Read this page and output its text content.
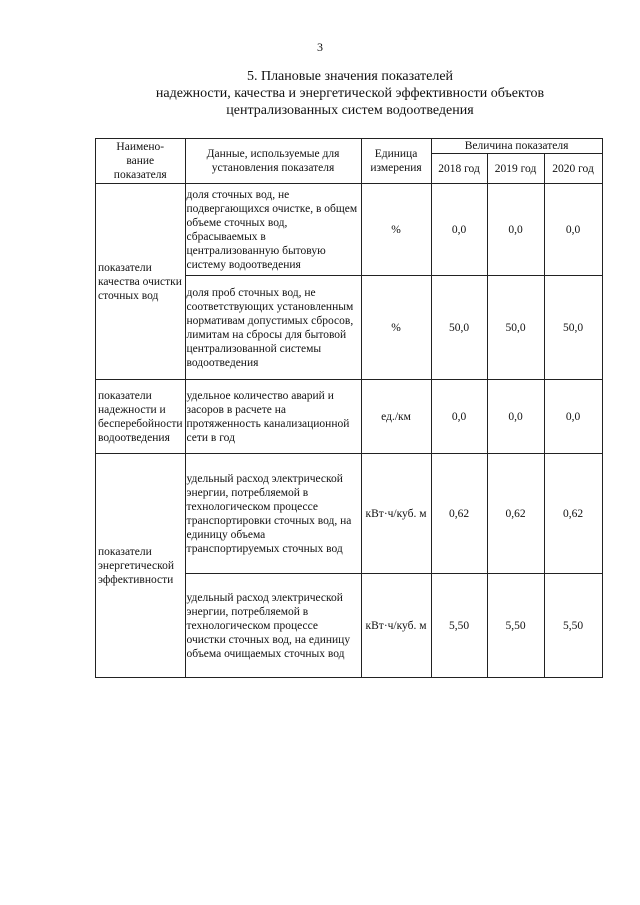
3
5. Плановые значения показателей
надежности, качества и энергетической эффективности объектов
централизованных систем водоотведения
Наимено-
вание
показателя	Данные, используемые для установления показателя	Единица измерения	Величина показателя		
			2018 год	2019 год	2020 год
показатели качества очистки сточных вод	доля сточных вод, не подвергающихся очистке, в общем объеме сточных вод, сбрасываемых в централизованную бытовую систему водоотведения	%	0,0	0,0	0,0
	доля проб сточных вод, не соответствующих установленным нормативам допустимых сбросов, лимитам на сбросы для бытовой централизованной системы водоотведения	%	50,0	50,0	50,0
показатели надежности и бесперебойности водоотведения	удельное количество аварий и засоров в расчете на протяженность канализационной сети в год	ед./км	0,0	0,0	0,0
показатели энергетической эффективности	удельный расход электрической энергии, потребляемой в технологическом процессе транспортировки сточных вод, на единицу объема транспортируемых сточных вод	кВт·ч/куб. м	0,62	0,62	0,62
	удельный расход электрической энергии, потребляемой в технологическом процессе очистки сточных вод, на единицу объема очищаемых сточных вод	кВт·ч/куб. м	5,50	5,50	5,50
